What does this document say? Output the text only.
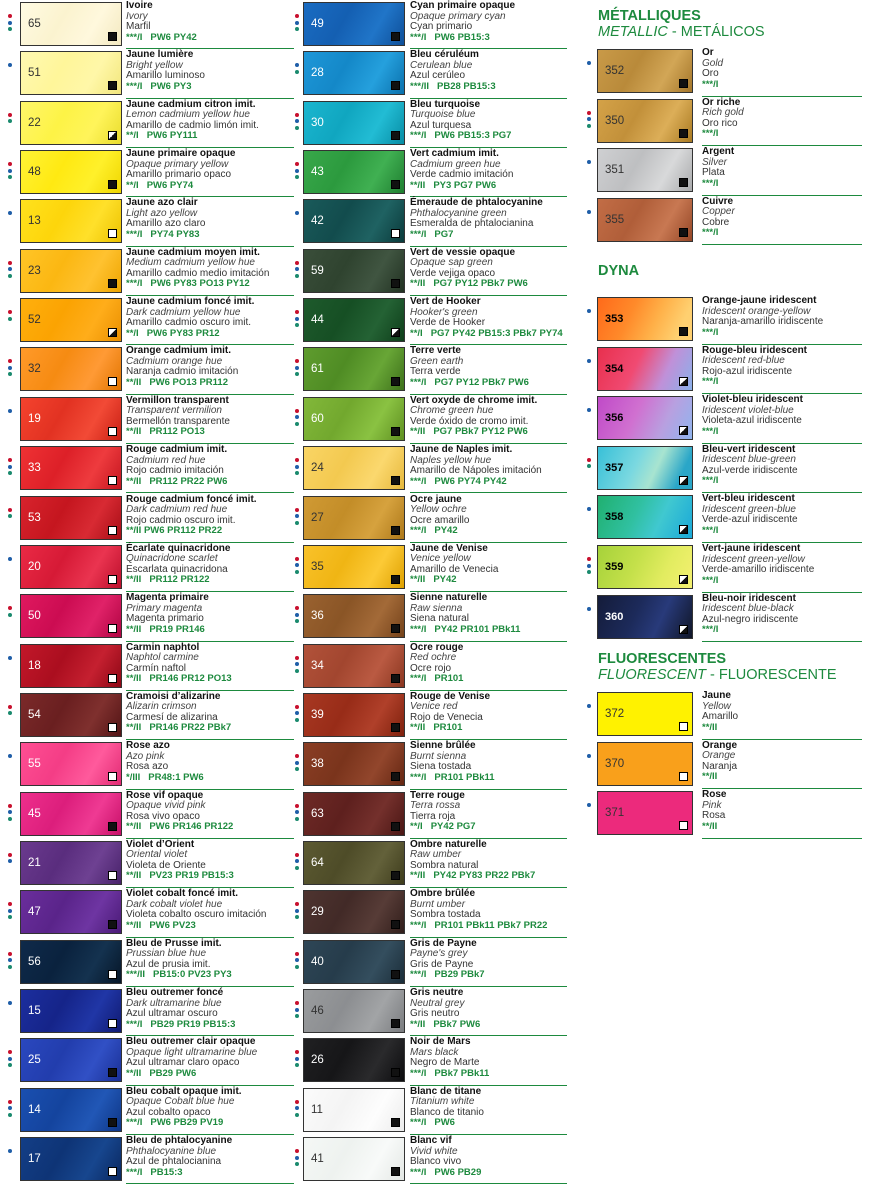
65
Ivoire
Ivory
Marfil
***/I PW6 PY42
51
Jaune lumière
Bright yellow
Amarillo luminoso
***/I PW6 PY3
22
Jaune cadmium citron imit.
Lemon cadmium yellow hue
Amarillo de cadmio limón imit.
**/I PW6 PY111
48
Jaune primaire opaque
Opaque primary yellow
Amarillo primario opaco
**/I PW6 PY74
13
Jaune azo clair
Light azo yellow
Amarillo azo claro
***/I PY74 PY83
23
Jaune cadmium moyen imit.
Medium cadmium yellow hue
Amarillo cadmio medio imitación
***/I PW6 PY83 PO13 PY12
52
Jaune cadmium foncé imit.
Dark cadmium yellow hue
Amarillo cadmio oscuro imit.
**/I PW6 PY83 PR12
32
Orange cadmium imit.
Cadmium orange hue
Naranja cadmio imitación
**/II PW6 PO13 PR112
19
Vermillon transparent
Transparent vermilion
Bermellón transparente
**/II PR112 PO13
33
Rouge cadmium imit.
Cadmium red hue
Rojo cadmio imitación
**/II PR112 PR22 PW6
53
Rouge cadmium foncé imit.
Dark cadmium red hue
Rojo cadmio oscuro imit.
**/II PW6 PR112 PR22
20
Écarlate quinacridone
Quinacridone scarlet
Escarlata quinacridona
**/II PR112 PR122
50
Magenta primaire
Primary magenta
Magenta primario
**/II PR19 PR146
18
Carmin naphtol
Naphtol carmine
Carmín naftol
**/II PR146 PR12 PO13
54
Cramoisi d’alizarine
Alizarin crimson
Carmesí de alizarina
**/II PR146 PR22 PBk7
55
Rose azo
Azo pink
Rosa azo
*/III PR48:1 PW6
45
Rose vif opaque
Opaque vivid pink
Rosa vivo opaco
**/II PW6 PR146 PR122
21
Violet d’Orient
Oriental violet
Violeta de Oriente
**/II PV23 PR19 PB15:3
47
Violet cobalt foncé imit.
Dark cobalt violet hue
Violeta cobalto oscuro imitación
**/II PW6 PV23
56
Bleu de Prusse imit.
Prussian blue hue
Azul de prusia imit.
***/II PB15:0 PV23 PY3
15
Bleu outremer foncé
Dark ultramarine blue
Azul ultramar oscuro
***/I PB29 PR19 PB15:3
25
Bleu outremer clair opaque
Opaque light ultramarine blue
Azul ultramar claro opaco
**/II PB29 PW6
14
Bleu cobalt opaque imit.
Opaque Cobalt blue hue
Azul cobalto opaco
***/I PW6 PB29 PV19
17
Bleu de phtalocyanine
Phthalocyanine blue
Azul de phtalocianina
***/I PB15:3
49
Cyan primaire opaque
Opaque primary cyan
Cyan primario
***/I PW6 PB15:3
28
Bleu céruléum
Cerulean blue
Azul cerúleo
***/II PB28 PB15:3
30
Bleu turquoise
Turquoise blue
Azul turquesa
***/I PW6 PB15:3 PG7
43
Vert cadmium imit.
Cadmium green hue
Verde cadmio imitación
**/II PY3 PG7 PW6
42
Émeraude de phtalocyanine
Phthalocyanine green
Esmeralda de phtalocianina
***/I PG7
59
Vert de vessie opaque
Opaque sap green
Verde vejiga opaco
**/II PG7 PY12 PBk7 PW6
44
Vert de Hooker
Hooker's green
Verde de Hooker
**/I PG7 PY42 PB15:3 PBk7 PY74
61
Terre verte
Green earth
Terra verde
***/I PG7 PY12 PBk7 PW6
60
Vert oxyde de chrome imit.
Chrome green hue
Verde óxido de cromo imit.
**/II PG7 PBk7 PY12 PW6
24
Jaune de Naples imit.
Naples yellow hue
Amarillo de Nápoles imitación
***/I PW6 PY74 PY42
27
Ocre jaune
Yellow ochre
Ocre amarillo
***/I PY42
35
Jaune de Venise
Venice yellow
Amarillo de Venecia
**/II PY42
36
Sienne naturelle
Raw sienna
Siena natural
***/I PY42 PR101 PBk11
34
Ocre rouge
Red ochre
Ocre rojo
***/I PR101
39
Rouge de Venise
Venice red
Rojo de Venecia
**/II PR101
38
Sienne brûlée
Burnt sienna
Siena tostada
***/I PR101 PBk11
63
Terre rouge
Terra rossa
Tierra roja
**/I PY42 PG7
64
Ombre naturelle
Raw umber
Sombra natural
**/II PY42 PY83 PR22 PBk7
29
Ombre brûlée
Burnt umber
Sombra tostada
***/I PR101 PBk11 PBk7 PR22
40
Gris de Payne
Payne's grey
Gris de Payne
***/I PB29 PBk7
46
Gris neutre
Neutral grey
Gris neutro
**/II PBk7 PW6
26
Noir de Mars
Mars black
Negro de Marte
***/I PBk7 PBk11
11
Blanc de titane
Titanium white
Blanco de titanio
***/I PW6
41
Blanc vif
Vivid white
Blanco vivo
***/I PW6 PB29
MÉTALLIQUES
METALLIC - METÁLICOS
352
Or
Gold
Oro
***/I
350
Or riche
Rich gold
Oro rico
***/I
351
Argent
Silver
Plata
***/I
355
Cuivre
Copper
Cobre
***/I
DYNA
353
Orange-jaune iridescent
Iridescent orange-yellow
Naranja-amarillo iridiscente
***/I
354
Rouge-bleu iridescent
Iridescent red-blue
Rojo-azul iridiscente
***/I
356
Violet-bleu iridescent
Iridescent violet-blue
Violeta-azul iridiscente
***/I
357
Bleu-vert iridescent
Iridescent blue-green
Azul-verde iridiscente
***/I
358
Vert-bleu iridescent
Iridescent green-blue
Verde-azul iridiscente
***/I
359
Vert-jaune iridescent
Iridescent green-yellow
Verde-amarillo iridiscente
***/I
360
Bleu-noir iridescent
Iridescent blue-black
Azul-negro iridiscente
***/I
FLUORESCENTES
FLUORESCENT - FLUORESCENTE
372
Jaune
Yellow
Amarillo
**/II
370
Orange
Orange
Naranja
**/II
371
Rose
Pink
Rosa
**/II
